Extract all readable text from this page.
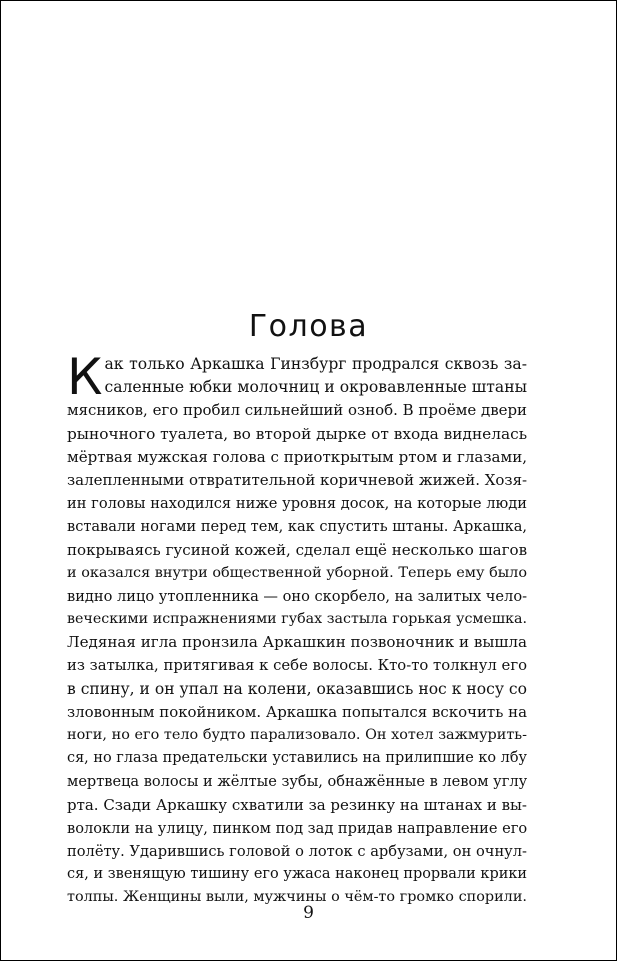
Голова
К ак только Аркашка Гинзбург продрался сквозь за-
саленные юбки молочниц и окровавленные штаны
мясников, его пробил сильнейший озноб. В проёме двери
рыночного туалета, во второй дырке от входа виднелась
мёртвая мужская голова с приоткрытым ртом и глазами,
залепленными отвратительной коричневой жижей. Хозя-
ин головы находился ниже уровня досок, на которые люди
вставали ногами перед тем, как спустить штаны. Аркашка,
покрываясь гусиной кожей, сделал ещё несколько шагов
и оказался внутри общественной уборной. Теперь ему было
видно лицо утопленника — оно скорбело, на залитых чело-
веческими испражнениями губах застыла горькая усмешка.
Ледяная игла пронзила Аркашкин позвоночник и вышла
из затылка, притягивая к себе волосы. Кто-то толкнул его
в спину, и он упал на колени, оказавшись нос к носу со
зловонным покойником. Аркашка попытался вскочить на
ноги, но его тело будто парализовало. Он хотел зажмурить-
ся, но глаза предательски уставились на прилипшие ко лбу
мертвеца волосы и жёлтые зубы, обнажённые в левом углу
рта. Сзади Аркашку схватили за резинку на штанах и вы-
волокли на улицу, пинком под зад придав направление его
полёту. Ударившись головой о лоток с арбузами, он очнул-
ся, и звенящую тишину его ужаса наконец прорвали крики
толпы. Женщины выли, мужчины о чём-то громко спорили.
9
